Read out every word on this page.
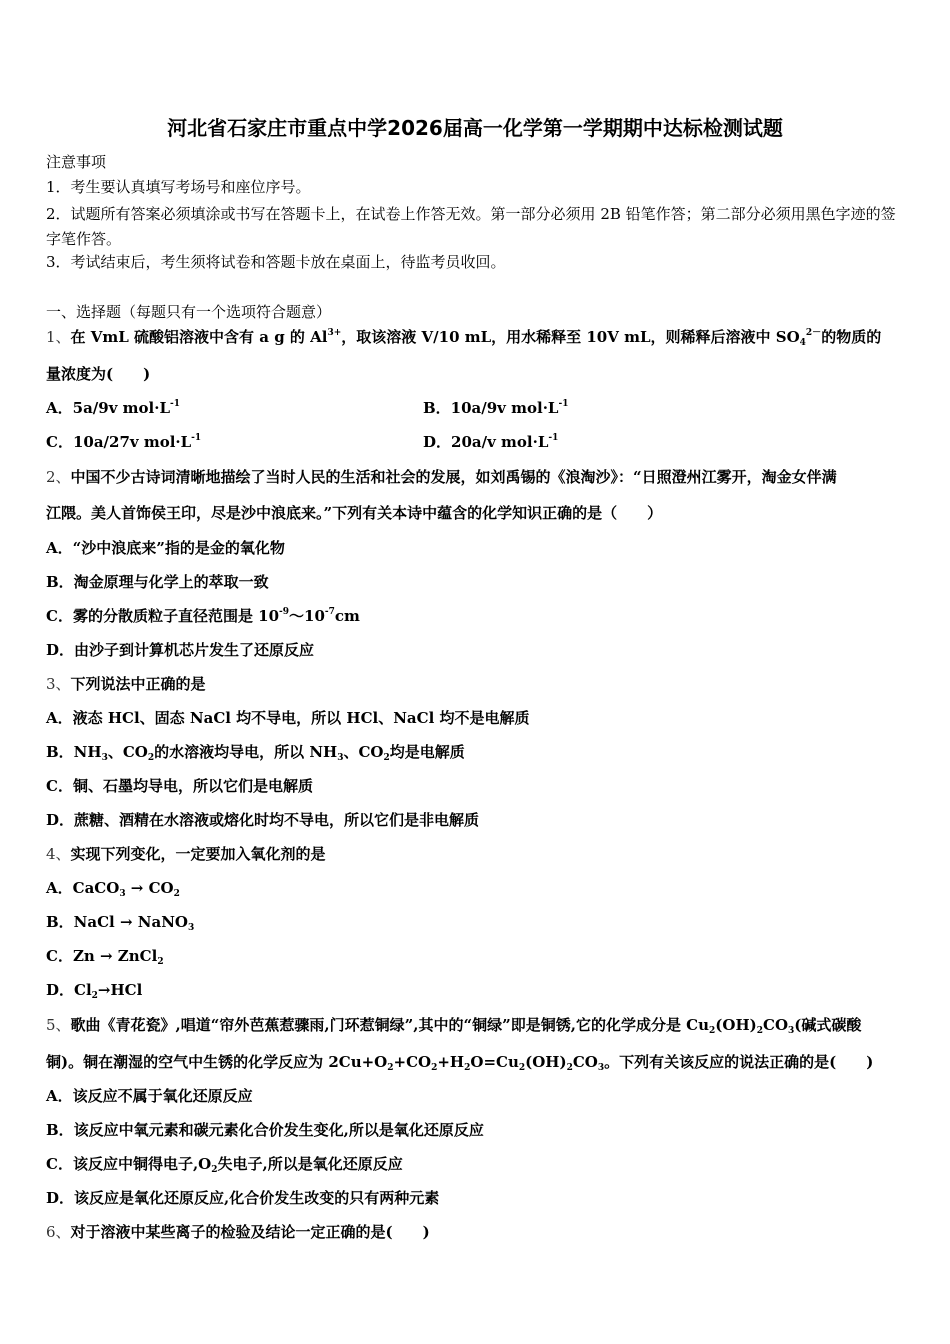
河北省石家庄市重点中学2026届高一化学第一学期期中达标检测试题
注意事项
1．考生要认真填写考场号和座位序号。
2．试题所有答案必须填涂或书写在答题卡上，在试卷上作答无效。第一部分必须用 2B 铅笔作答；第二部分必须用黑色字迹的签字笔作答。
3．考试结束后，考生须将试卷和答题卡放在桌面上，待监考员收回。
一、选择题（每题只有一个选项符合题意）
1、在 VmL 硫酸铝溶液中含有 a g 的 $Al^{3+}$，取该溶液 V/10 mL，用水稀释至 10V mL，则稀释后溶液中 $SO_4^{2-}$的物质的
量浓度为(　　)
A．5a/9v $mol\cdot L^{-1}$	B．10a/9v $mol\cdot L^{-1}$
C．10a/27v $mol\cdot L^{-1}$	D．20a/v $mol\cdot L^{-1}$
2、中国不少古诗词清晰地描绘了当时人民的生活和社会的发展，如刘禹锡的《浪淘沙》：“日照澄州江雾开，淘金女伴满
江隈。美人首饰侯王印，尽是沙中浪底来。”下列有关本诗中蕴含的化学知识正确的是（　　）
A．“沙中浪底来”指的是金的氧化物
B．淘金原理与化学上的萃取一致
C．雾的分散质粒子直径范围是 $10^{-9}\sim 10^{-7}cm$
D．由沙子到计算机芯片发生了还原反应
3、下列说法中正确的是
A．液态 HCl、固态 NaCl 均不导电，所以 HCl、NaCl 均不是电解质
B．$NH_3$、$CO_2$的水溶液均导电，所以 $NH_3$、$CO_2$均是电解质
C．铜、石墨均导电，所以它们是电解质
D．蔗糖、酒精在水溶液或熔化时均不导电，所以它们是非电解质
4、实现下列变化，一定要加入氧化剂的是
A．CaCO$_3$ → $CO_2$
B．NaCl → NaNO$_3$
C．Zn → ZnCl$_2$
D．$Cl_2\to HCl$
5、歌曲《青花瓷》,唱道“帘外芭蕉惹骤雨,门环惹铜绿”,其中的“铜绿”即是铜锈,它的化学成分是 $Cu_2(OH)_2CO_3$(碱式碳酸
铜)。铜在潮湿的空气中生锈的化学反应为 $2Cu+O_2+CO_2+H_2O=Cu_2(OH)_2CO_3$。下列有关该反应的说法正确的是(　　)
A．该反应不属于氧化还原反应
B．该反应中氧元素和碳元素化合价发生变化,所以是氧化还原反应
C．该反应中铜得电子$,O_2$失电子,所以是氧化还原反应
D．该反应是氧化还原反应,化合价发生改变的只有两种元素
6、对于溶液中某些离子的检验及结论一定正确的是(　　)
